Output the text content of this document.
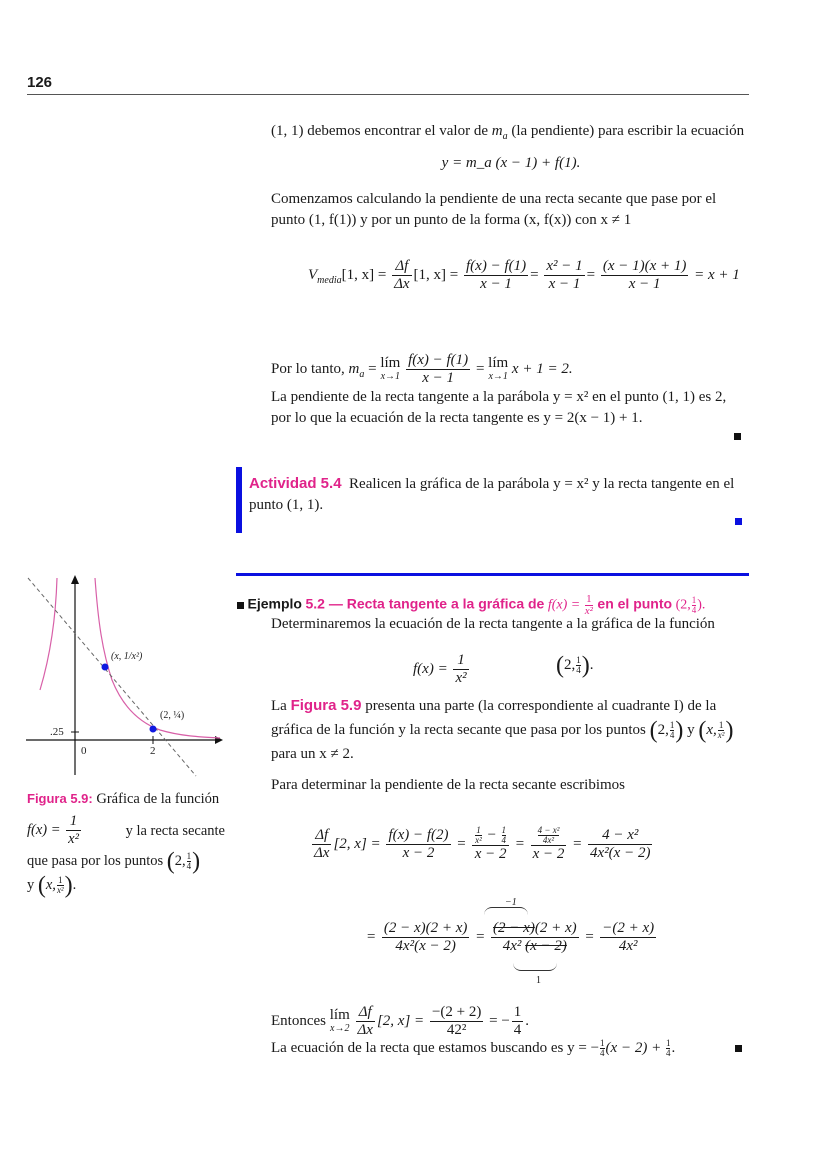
126
(1, 1) debemos encontrar el valor de $m_a$ (la pendiente) para escribir la ecuación
y = m_a (x − 1) + f(1).
Comenzamos calculando la pendiente de una recta secante que pase por el
punto (1, f(1)) y por un punto de la forma (x, f(x)) con x ≠ 1
$V_{media}[1$, $x] = \frac{\Delta f}{\Delta x} [1$, $x] = \frac{f(x) - f(1)}{x - 1} = \frac{\text{x² − 1}}{x - 1} = \frac{(x - 1)(x + 1)}{x - 1} = x + 1$
Por lo tanto, $m_a$ = lím
x→1
$\frac{f(x) - f(1)}{x - 1}$ = lím
x→1 x + 1 = 2.
La pendiente de la recta tangente a la parábola y = x² en el punto (1, 1) es 2,
por lo que la ecuación de la recta tangente es y = 2(x − 1) + 1.
Actividad 5.4 Realicen la gráfica de la parábola y = x² y la recta tangente en el
punto (1, 1).
Ejemplo 5.2 — Recta tangente a la gráfica de $f(x) = \frac{1}{\text{x²}}$ en el punto (2, $\frac{1}{4}$ ).
Determinaremos la ecuación de la recta tangente a la gráfica de la función
$f(x) = \frac{1}{\text{x²}}$	(2, $\frac{1}{4}$ ).
La Figura 5.9 presenta una parte (la correspondiente al cuadrante I) de la
gráfica de la función y la recta secante que pasa por los puntos (2, $\frac{1}{4}$ ) y (x, $\frac{1}{\text{x²}}$ )
para un x ≠ 2.
Para determinar la pendiente de la recta secante escribimos
$\frac{\Delta f}{\Delta x} [2$, $x] = \frac{f(x) - f(2)}{x - 2} = \frac{\frac{1}{\text{x²}} - \frac{1}{4}}{x - 2} = \frac{\frac{\text{4 − x²}}{\text{4x²}}}{x - 2} = \frac{\text{4 − x²}}{\text{4x²(x − 2)}}$
−1
= $\frac{(2 - x)(2 + x)}{\text{4x²(x − 2)}} = \frac{(2 - x)(2 + x)}{\text{4x² (x − 2)}} = \frac{-(2 + x)}{\text{4x²}}$
1
Entonces lím
x→2
$\frac{\Delta f}{\Delta x} [2$, $x] = \frac{-(2 + 2)}{\text{42²}}$ = − $\frac{1}{4}$ .
La ecuación de la recta que estamos buscando es y = − $\frac{1}{4} (x - 2) + \frac{1}{4}$ .
(x, 1/x²)
(2, ¼)
.25
0	2
Figura 5.9: Gráfica de la función
$f(x) = \frac{1}{\text{x²}}$	y la recta secante
que pasa por los puntos (2, $\frac{1}{4}$ )
y (x, $\frac{1}{\text{x²}}$ ).
